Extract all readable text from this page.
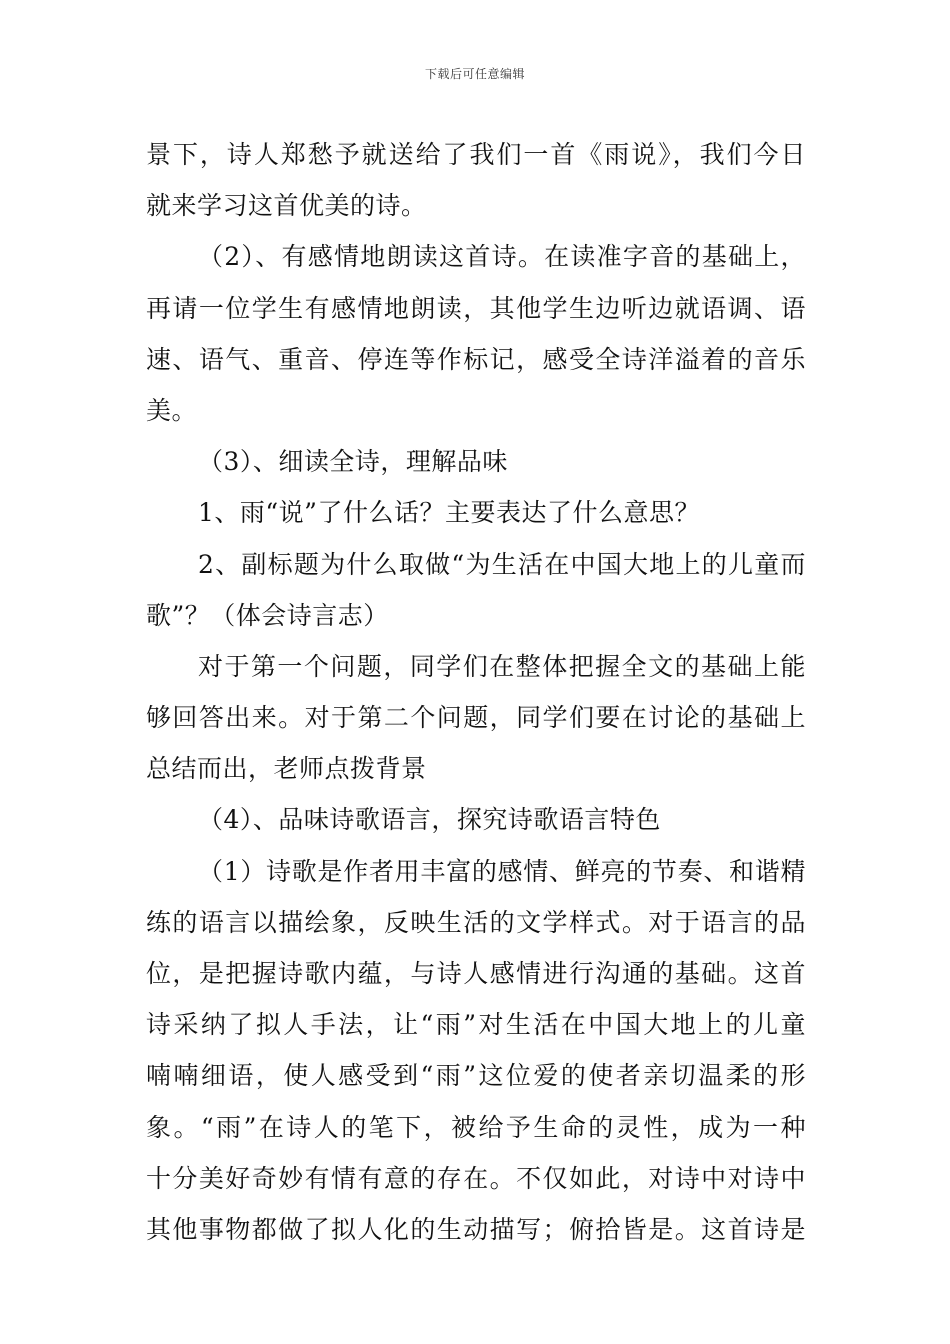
下载后可任意编辑
景下，诗人郑愁予就送给了我们一首《雨说》，我们今日
就来学习这首优美的诗。
（2）、有感情地朗读这首诗。在读准字音的基础上，
再请一位学生有感情地朗读，其他学生边听边就语调、语
速、语气、重音、停连等作标记，感受全诗洋溢着的音乐
美。
（3）、细读全诗，理解品味
1、雨“说”了什么话？主要表达了什么意思？
2、副标题为什么取做“为生活在中国大地上的儿童而
歌”？（体会诗言志）
对于第一个问题，同学们在整体把握全文的基础上能
够回答出来。对于第二个问题，同学们要在讨论的基础上
总结而出，老师点拨背景
（4）、品味诗歌语言，探究诗歌语言特色
（1）诗歌是作者用丰富的感情、鲜亮的节奏、和谐精
练的语言以描绘象，反映生活的文学样式。对于语言的品
位，是把握诗歌内蕴，与诗人感情进行沟通的基础。这首
诗采纳了拟人手法，让“雨”对生活在中国大地上的儿童
喃喃细语，使人感受到“雨”这位爱的使者亲切温柔的形
象。“雨”在诗人的笔下，被给予生命的灵性，成为一种
十分美好奇妙有情有意的存在。不仅如此，对诗中对诗中
其他事物都做了拟人化的生动描写；俯拾皆是。这首诗是
